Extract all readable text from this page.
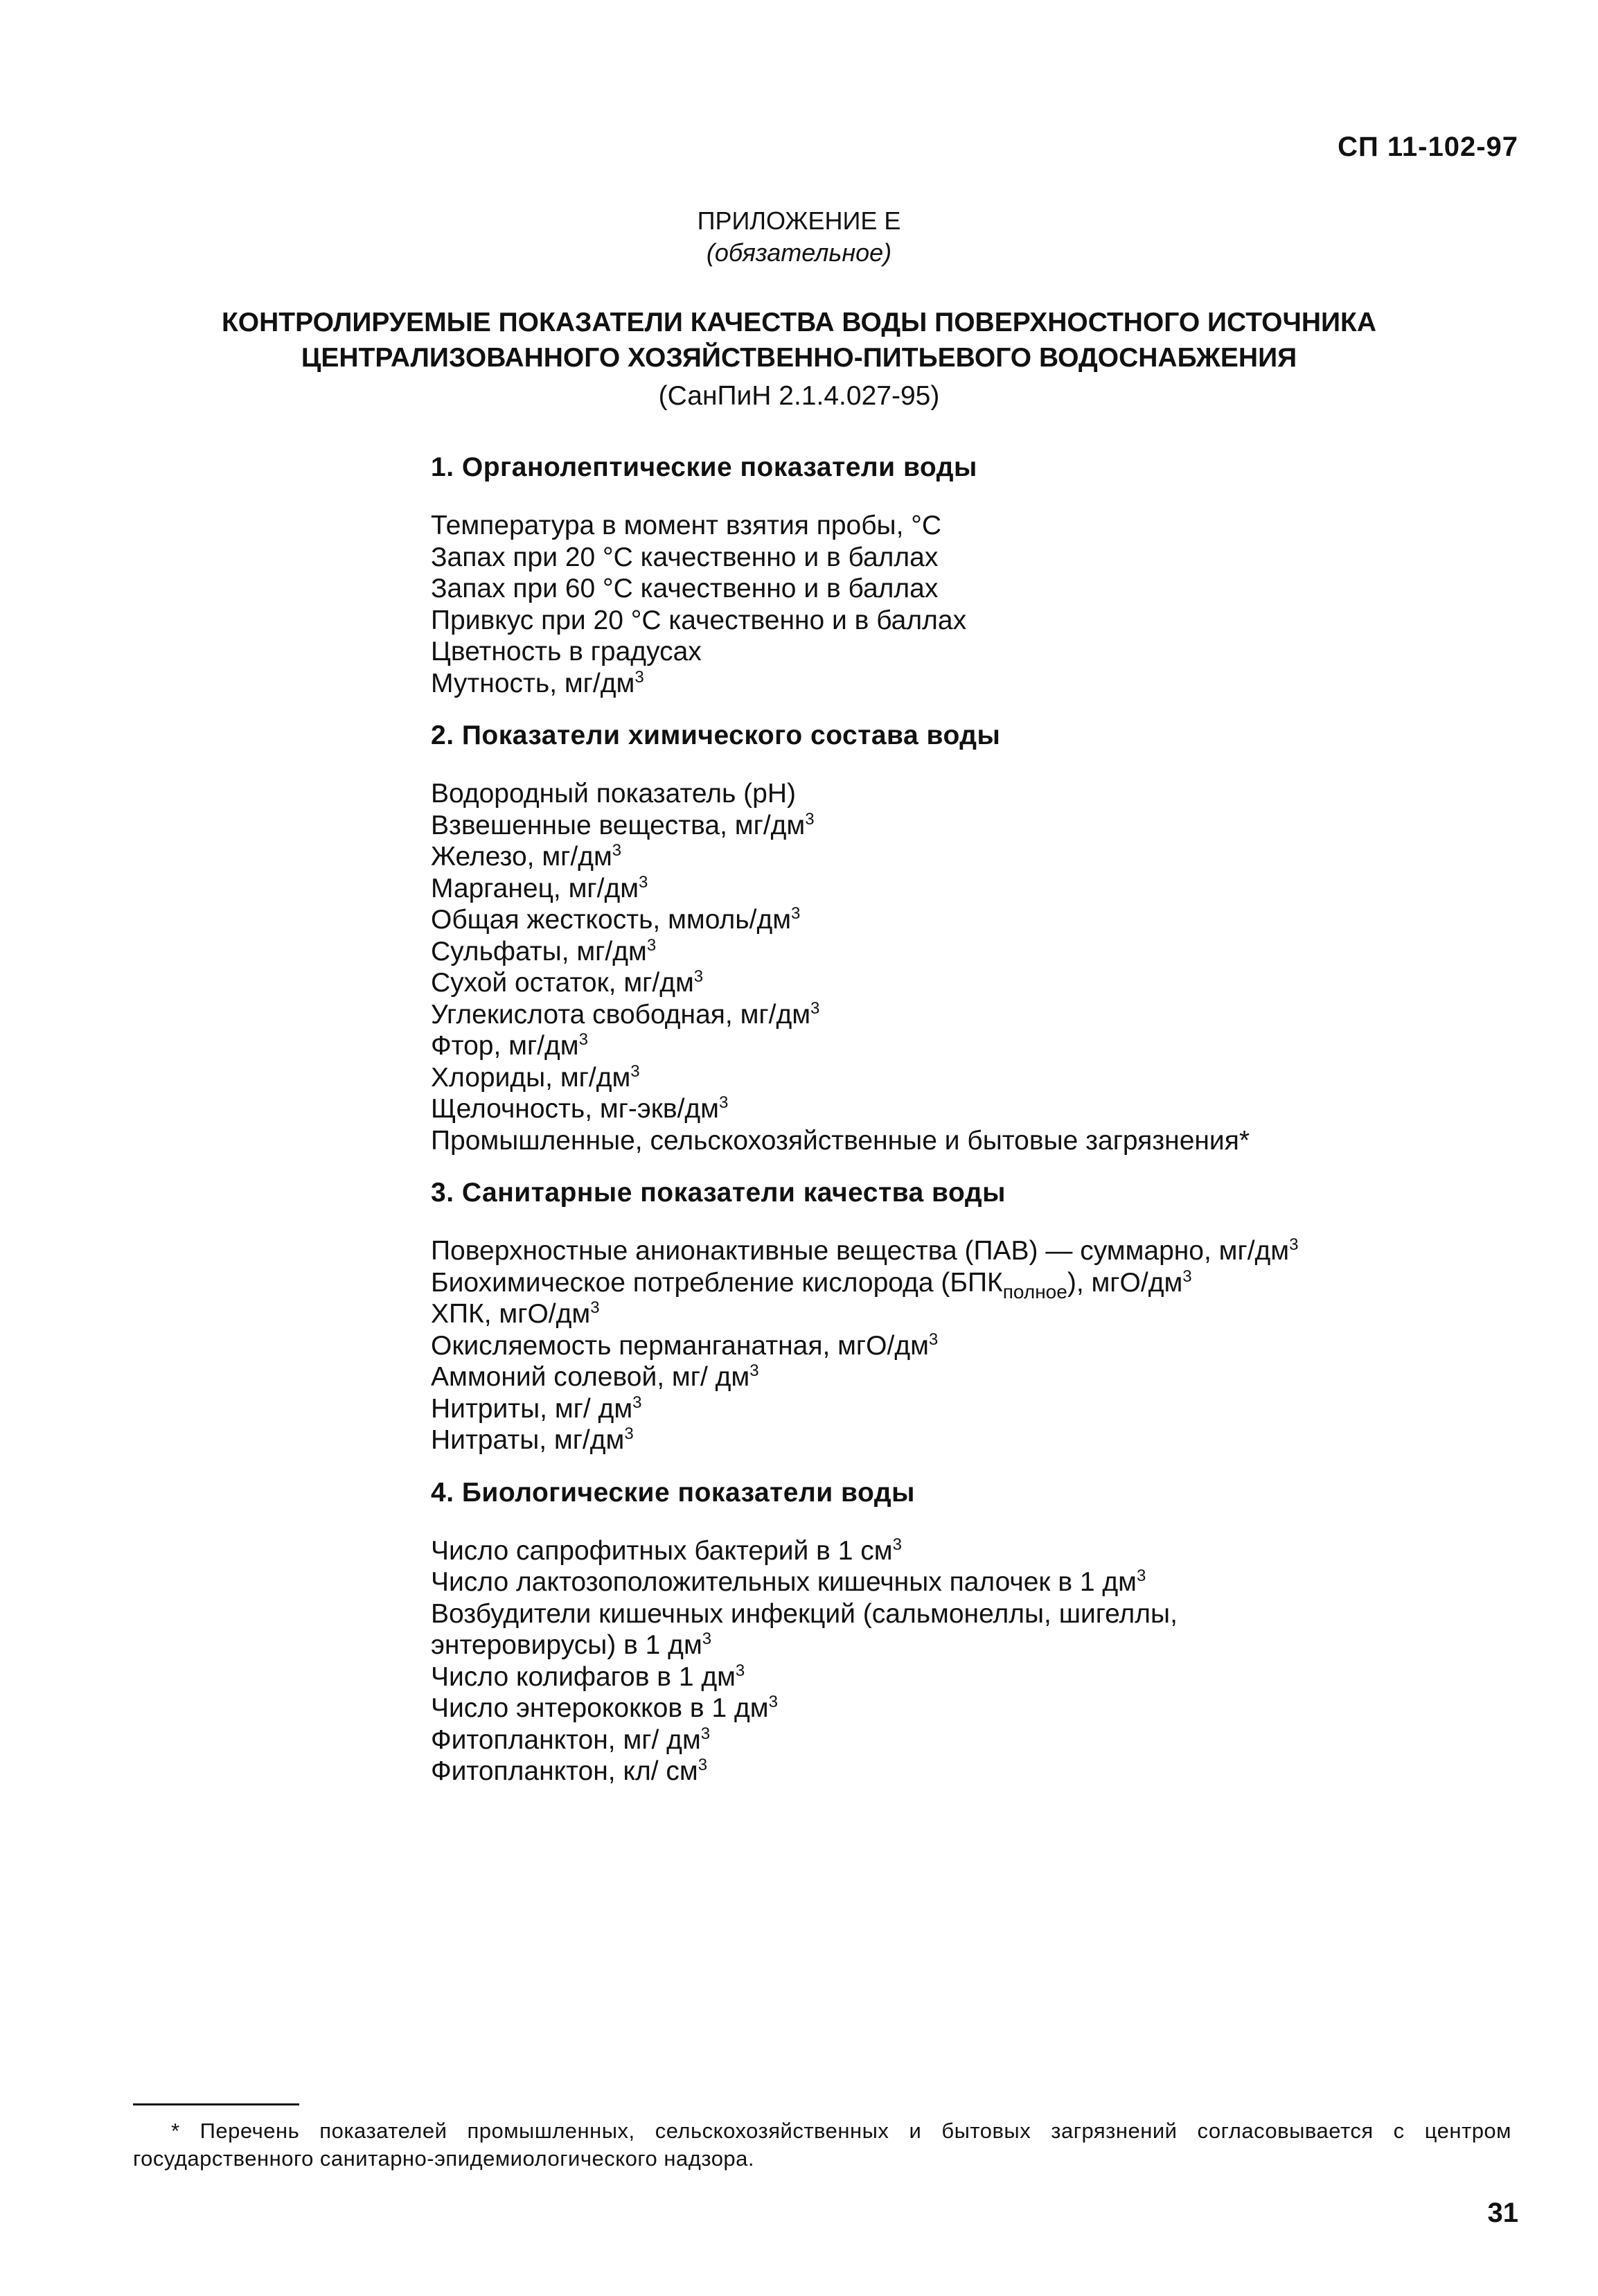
СП 11-102-97
ПРИЛОЖЕНИЕ Е
(обязательное)
КОНТРОЛИРУЕМЫЕ ПОКАЗАТЕЛИ КАЧЕСТВА ВОДЫ ПОВЕРХНОСТНОГО ИСТОЧНИКА
ЦЕНТРАЛИЗОВАННОГО ХОЗЯЙСТВЕННО-ПИТЬЕВОГО ВОДОСНАБЖЕНИЯ
(СанПиН 2.1.4.027-95)
1. Органолептические показатели воды
Температура в момент взятия пробы, °С
Запах при 20 °С качественно и в баллах
Запах при 60 °С качественно и в баллах
Привкус при 20 °С качественно и в баллах
Цветность в градусах
Мутность, $мг/дм^3$
2. Показатели химического состава воды
Водородный показатель (рН)
Взвешенные вещества, $мг/дм^3$
Железо, $мг/дм^3$
Марганец, $мг/дм^3$
Общая жесткость, ммоль/$дм^3$
Сульфаты, $мг/дм^3$
Сухой остаток, $мг/дм^3$
Углекислота свободная, $мг/дм^3$
Фтор, $мг/дм^3$
Хлориды, $мг/дм^3$
Щелочность, $мг-экв/дм^3$
Промышленные, сельскохозяйственные и бытовые загрязнения*
3. Санитарные показатели качества воды
Поверхностные анионактивные вещества (ПАВ) — суммарно, $мг/дм^3$
Биохимическое потребление кислорода $(БПК_{полное})$, мгО/$дм^3$
ХПК, мгО/$дм^3$
Окисляемость перманганатная, мгО/$дм^3$
Аммоний солевой, мг/ $дм^3$
Нитриты, мг/ $дм^3$
Нитраты, $мг/дм^3$
4. Биологические показатели воды
Число сапрофитных бактерий в 1 $см^3$
Число лактозоположительных кишечных палочек в 1 $дм^3$
Возбудители кишечных инфекций (сальмонеллы, шигеллы,
энтеровирусы) в 1 $дм^3$
Число колифагов в 1 $дм^3$
Число энтерококков в 1 $дм^3$
Фитопланктон, мг/ $дм^3$
Фитопланктон, кл/ $см^3$
* Перечень показателей промышленных, сельскохозяйственных и бытовых загрязнений согласовывается с центром государственного санитарно-эпидемиологического надзора.
31
